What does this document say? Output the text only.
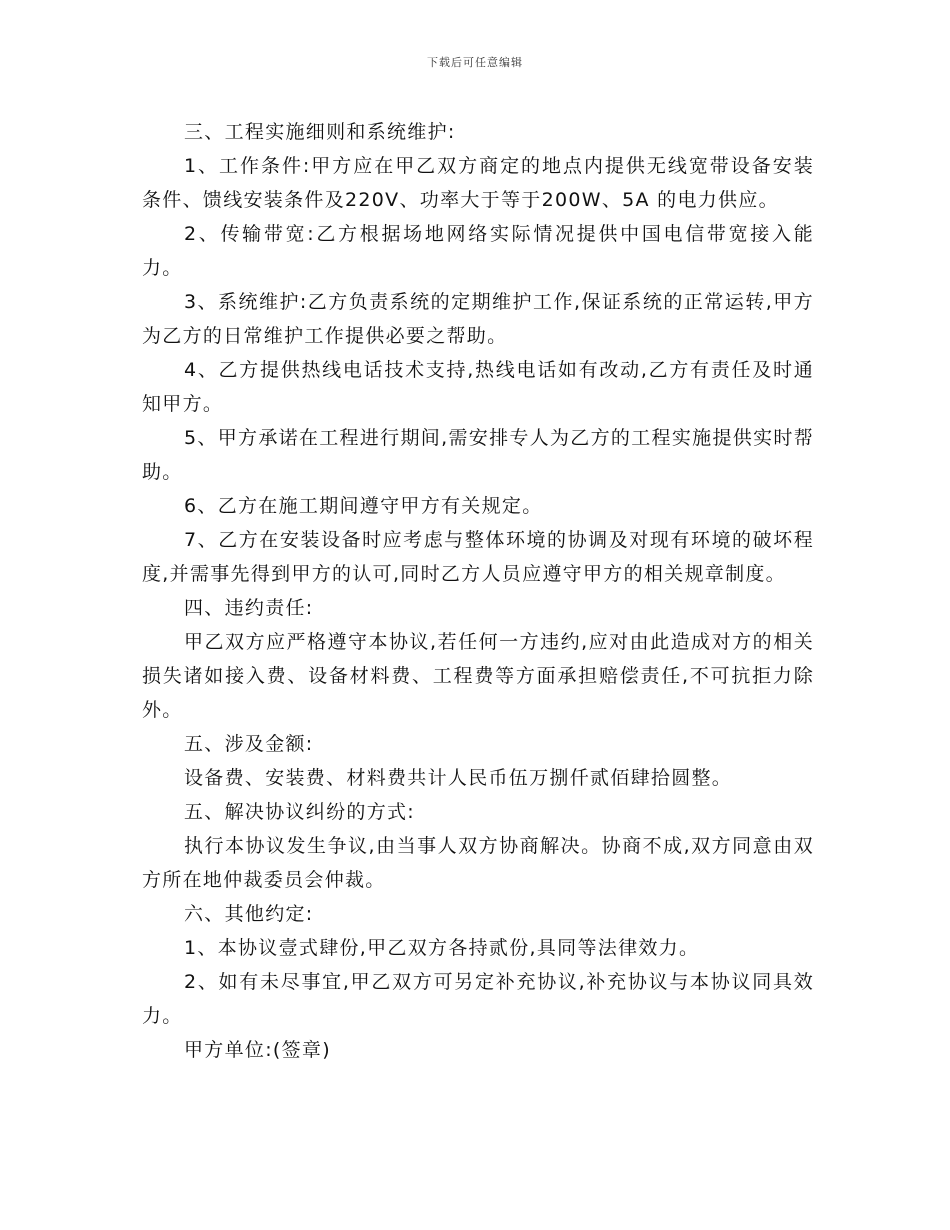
下载后可任意编辑

三、工程实施细则和系统维护:

1、工作条件:甲方应在甲乙双方商定的地点内提供无线宽带设备安装条件、馈线安装条件及220V、功率大于等于200W、5A 的电力供应。

2、传输带宽:乙方根据场地网络实际情况提供中国电信带宽接入能力。

3、系统维护:乙方负责系统的定期维护工作,保证系统的正常运转,甲方为乙方的日常维护工作提供必要之帮助。

4、乙方提供热线电话技术支持,热线电话如有改动,乙方有责任及时通知甲方。

5、甲方承诺在工程进行期间,需安排专人为乙方的工程实施提供实时帮助。

6、乙方在施工期间遵守甲方有关规定。

7、乙方在安装设备时应考虑与整体环境的协调及对现有环境的破坏程度,并需事先得到甲方的认可,同时乙方人员应遵守甲方的相关规章制度。

四、违约责任:

甲乙双方应严格遵守本协议,若任何一方违约,应对由此造成对方的相关损失诸如接入费、设备材料费、工程费等方面承担赔偿责任,不可抗拒力除外。

五、涉及金额:

设备费、安装费、材料费共计人民币伍万捌仟贰佰肆拾圆整。

五、解决协议纠纷的方式:

执行本协议发生争议,由当事人双方协商解决。协商不成,双方同意由双方所在地仲裁委员会仲裁。

六、其他约定:

1、本协议壹式肆份,甲乙双方各持贰份,具同等法律效力。

2、如有未尽事宜,甲乙双方可另定补充协议,补充协议与本协议同具效力。

甲方单位:(签章)
